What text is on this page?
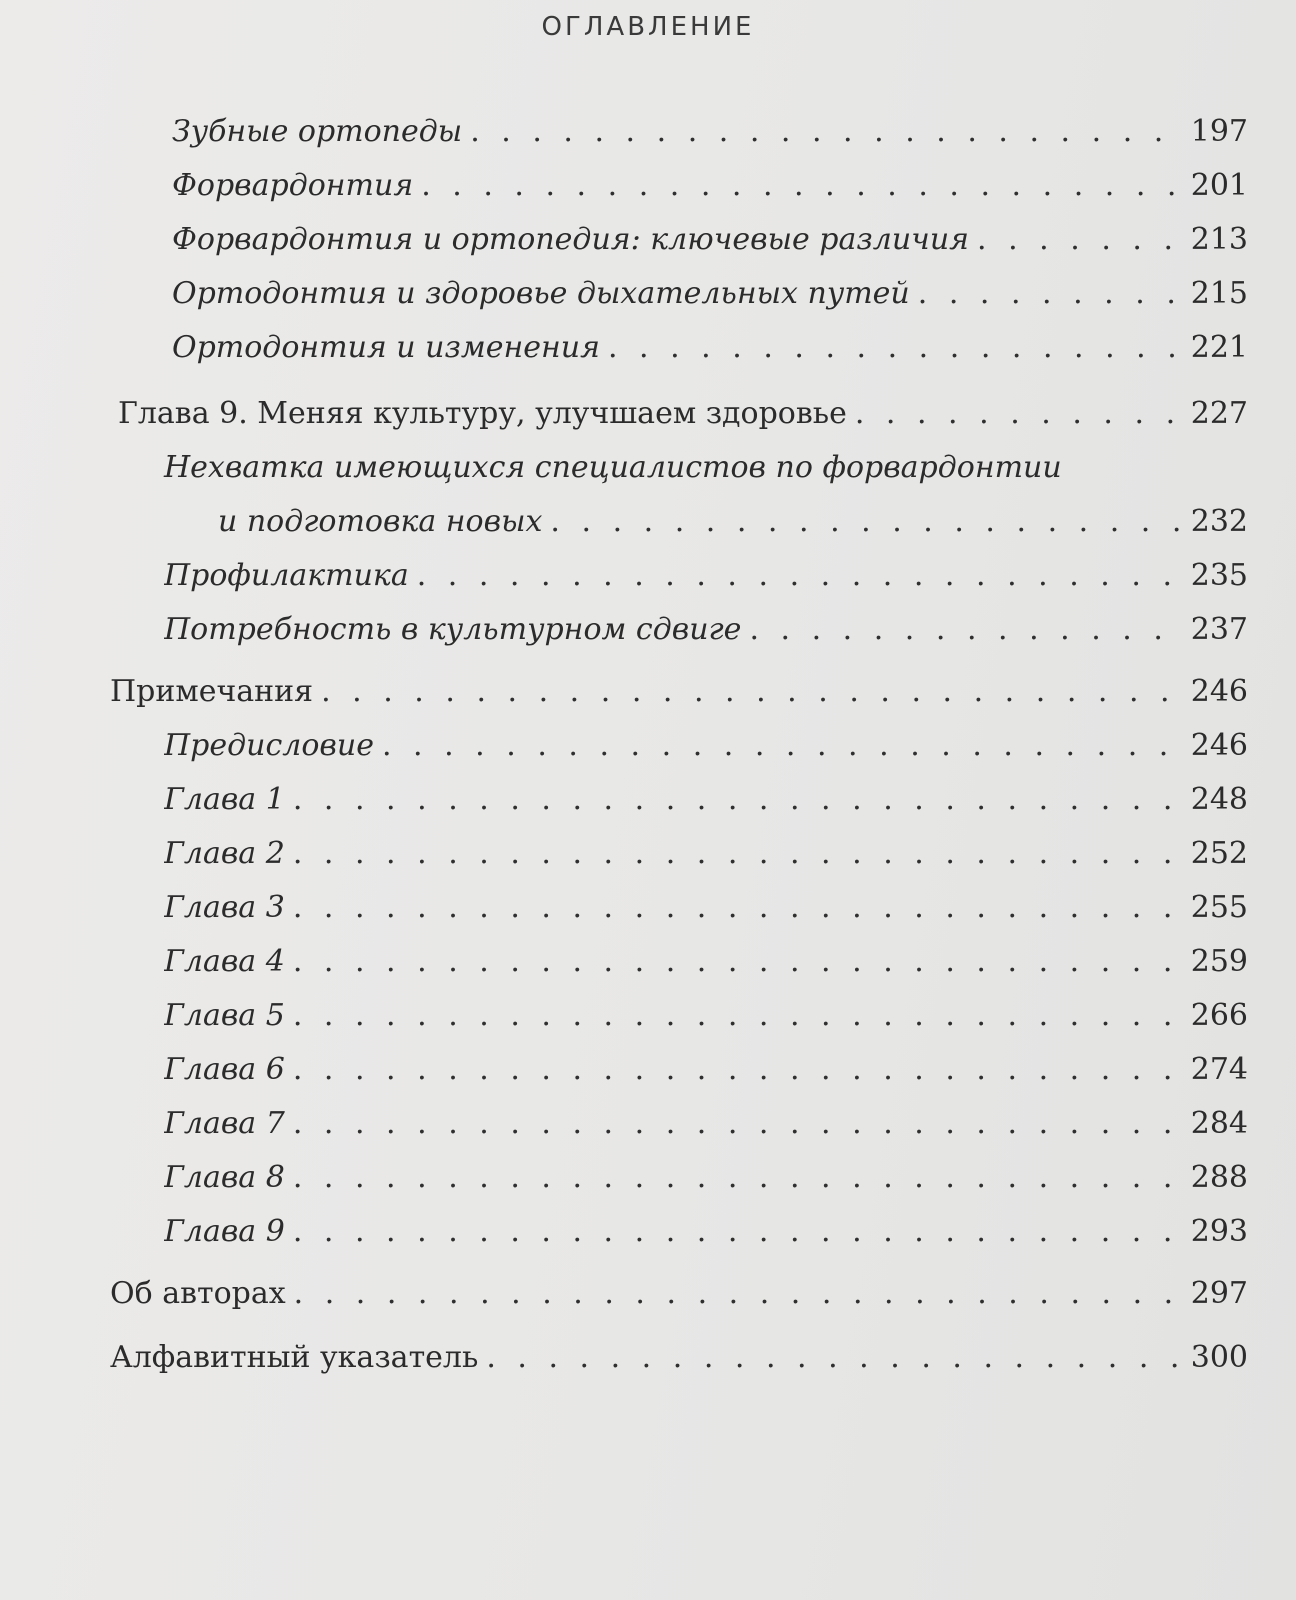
ОГЛАВЛЕНИЕ
Зубные ортопеды . . .	197
Форвардонтия . . .	201
Форвардонтия и ортопедия: ключевые различия . . .	213
Ортодонтия и здоровье дыхательных путей . . .	215
Ортодонтия и изменения . . .	221
Глава 9. Меняя культуру, улучшаем здоровье . . .	227
Нехватка имеющихся специалистов по форвардонтии
и подготовка новых . . .	232
Профилактика . . .	235
Потребность в культурном сдвиге . . .	237
Примечания . . .	246
Предисловие . . .	246
Глава 1 . . .	248
Глава 2 . . .	252
Глава 3 . . .	255
Глава 4 . . .	259
Глава 5 . . .	266
Глава 6 . . .	274
Глава 7 . . .	284
Глава 8 . . .	288
Глава 9 . . .	293
Об авторах . . .	297
Алфавитный указатель . . .	300
